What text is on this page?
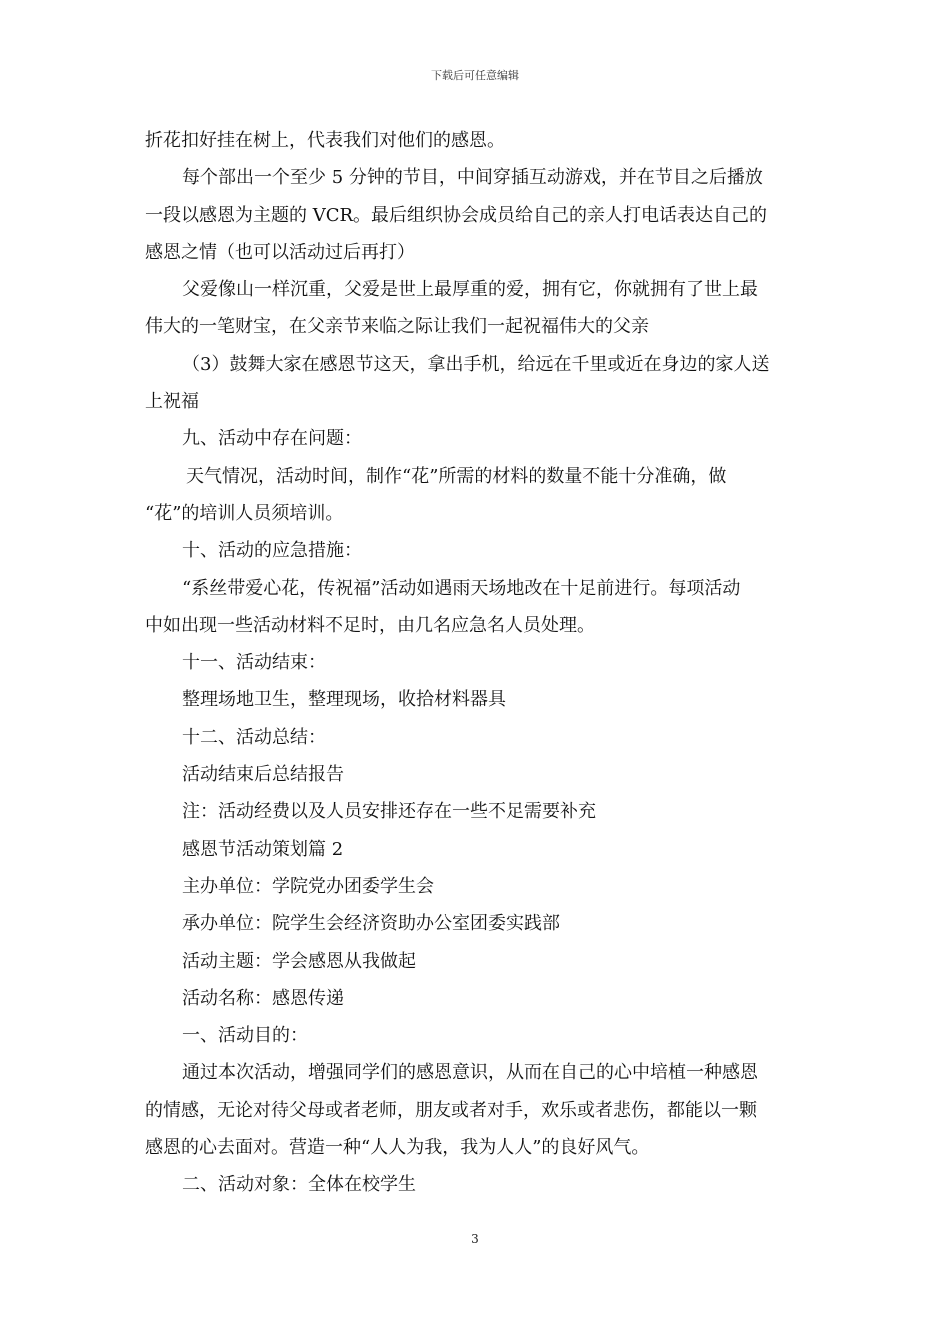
下载后可任意编辑
折花扣好挂在树上，代表我们对他们的感恩。
每个部出一个至少 5 分钟的节目，中间穿插互动游戏，并在节目之后播放
一段以感恩为主题的 VCR。最后组织协会成员给自己的亲人打电话表达自己的
感恩之情（也可以活动过后再打）
父爱像山一样沉重，父爱是世上最厚重的爱，拥有它，你就拥有了世上最
伟大的一笔财宝，在父亲节来临之际让我们一起祝福伟大的父亲
（3）鼓舞大家在感恩节这天，拿出手机，给远在千里或近在身边的家人送
上祝福
九、活动中存在问题：
天气情况，活动时间，制作“花”所需的材料的数量不能十分准确，做
“花”的培训人员须培训。
十、活动的应急措施：
“系丝带爱心花，传祝福”活动如遇雨天场地改在十足前进行。每项活动
中如出现一些活动材料不足时，由几名应急名人员处理。
十一、活动结束：
整理场地卫生，整理现场，收拾材料器具
十二、活动总结：
活动结束后总结报告
注：活动经费以及人员安排还存在一些不足需要补充
感恩节活动策划篇 2
主办单位：学院党办团委学生会
承办单位：院学生会经济资助办公室团委实践部
活动主题：学会感恩从我做起
活动名称：感恩传递
一、活动目的：
通过本次活动，增强同学们的感恩意识，从而在自己的心中培植一种感恩
的情感，无论对待父母或者老师，朋友或者对手，欢乐或者悲伤，都能以一颗
感恩的心去面对。营造一种“人人为我，我为人人”的良好风气。
二、活动对象：全体在校学生
3
